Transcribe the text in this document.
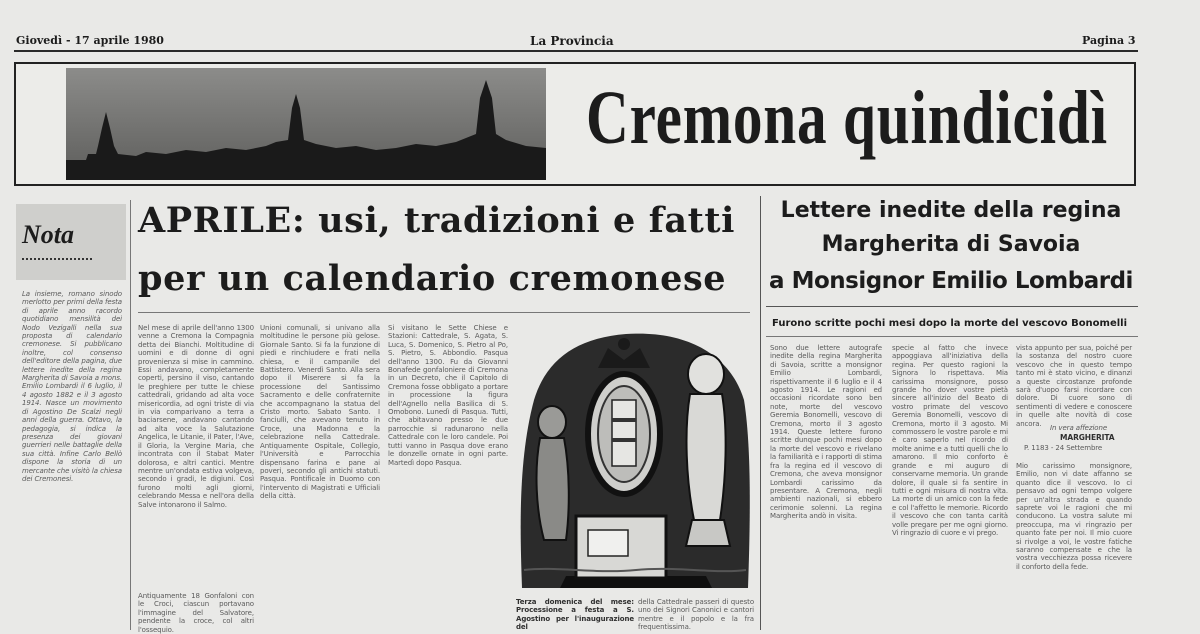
Giovedì - 17 aprile 1980	La Provincia	Pagina 3
Cremona quindicidì
Nota
La insieme, romano sinodo merlotto per primi della festa di aprile anno racordo quotidiano mensilità dei Nodo Vezigalli nella sua proposta di calendario cremonese. Si pubblicano inoltre, col consenso dell'editore della pagina, due lettere inedite della regina Margherita di Savoia a mons. Emilio Lombardi il 6 luglio, il 4 agosto 1882 e il 3 agosto 1914. Nasce un movimento di Agostino De Scalzi negli anni della guerra. Ottavo, la pedagogia, si indica la presenza dei giovani guerrieri nelle battaglie della sua città. Infine Carlo Bellò dispone la storia di un mercante che visitò la chiesa dei Cremonesi.
APRILE: usi, tradizioni e fatti
per un calendario cremonese
Nel mese di aprile dell'anno 1300 venne a Cremona la Compagnia detta dei Bianchi. Moltitudine di uomini e di donne di ogni provenienza si mise in cammino. Essi andavano, completamente coperti, persino il viso, cantando le preghiere per tutte le chiese cattedrali, gridando ad alta voce misericordia, ad ogni triste di via in via comparivano a terra a baciarsene, andavano cantando ad alta voce la Salutazione Angelica, le Litanie, il Pater, l'Ave, il Gloria, la Vergine Maria, che incontrata con il Stabat Mater dolorosa, e altri cantici. Mentre mentre un'ondata estiva volgeva, secondo i gradi, le digiuni. Così furono molti agli giorni, celebrando Messa e nell'ora della Salve intonarono il Salmo.
Antiquamente 18 Gonfaloni con le Croci, ciascun portavano l'immagine del Salvatore, pendente la croce, col altri l'ossequio.
Unioni comunali, si univano alla moltitudine le persone più gelose. Giornale Santo. Si fa la funzione di piedi e rinchiudere e frati nella chiesa, e il campanile del Battistero. Venerdì Santo. Alla sera dopo il Miserere si fa la processione del Santissimo Sacramento e delle confraternite che accompagnano la statua del Cristo morto. Sabato Santo. I fanciulli, che avevano tenuto in Croce, una Madonna e la celebrazione nella Cattedrale. Antiquamente Ospitale, Collegio, l'Università e Parrocchia dispensano farina e pane ai poveri, secondo gli antichi statuti. Pasqua. Pontificale in Duomo con l'intervento di Magistrati e Ufficiali della città.
Si visitano le Sette Chiese e Stazioni: Cattedrale, S. Agata, S. Luca, S. Domenico, S. Pietro al Po, S. Pietro, S. Abbondio. Pasqua dell'anno 1300. Fu da Giovanni Bonafede gonfaloniere di Cremona in un Decreto, che il Capitolo di Cremona fosse obbligato a portare in processione la figura dell'Agnello nella Basilica di S. Omobono. Lunedì di Pasqua. Tutti, che abitavano presso le due parrocchie si radunarono nella Cattedrale con le loro candele. Poi tutti vanno in Pasqua dove erano le donzelle ornate in ogni parte. Martedì dopo Pasqua.
Terza domenica del mese: Processione a festa a S. Agostino per l'inaugurazione del
della Cattedrale passeri di questo uno dei Signori Canonici e cantori mentre e il popolo e la fra frequentissima.
Lettere inedite della regina
Margherita di Savoia
a Monsignor Emilio Lombardi
Furono scritte pochi mesi dopo la morte del vescovo Bonomelli
Sono due lettere autografe inedite della regina Margherita di Savoia, scritte a monsignor Emilio Lombardi, rispettivamente il 6 luglio e il 4 agosto 1914. Le ragioni ed occasioni ricordate sono ben note, morte del vescovo Geremia Bonomelli, vescovo di Cremona, morto il 3 agosto 1914. Queste lettere furono scritte dunque pochi mesi dopo la morte del vescovo e rivelano la familiarità e i rapporti di stima fra la regina ed il vescovo di Cremona, che aveva monsignor Lombardi carissimo da presentare. A Cremona, negli ambienti nazionali, si ebbero cerimonie solenni. La regina Margherita andò in visita.
specie al fatto che invece appoggiava all'iniziativa della regina. Per questo ragioni la Signora lo rispettava. Mia carissima monsignore, posso grande ho dover vostre pietà sincere all'inizio del Beato di vostro primate del vescovo Geremia Bonomelli, vescovo di Cremona, morto il 3 agosto. Mi commossero le vostre parole e mi è caro saperlo nel ricordo di molte anime e a tutti quelli che lo amarono. Il mio conforto è grande e mi auguro di conservarne memoria. Un grande dolore, il quale si fa sentire in tutti e ogni misura di nostra vita. La morte di un amico con la fede e col l'affetto le memorie. Ricordo il vescovo che con tanta carità volle pregare per me ogni giorno. Vi ringrazio di cuore e vi prego.
vista appunto per sua, poiché per la sostanza del nostro cuore vescovo che in questo tempo tanto mi è stato vicino, e dinanzi a queste circostanze profonde sarà d'uopo farsi ricordare con dolore. Di cuore sono di sentimenti di vedere e conoscere in quelle alte novità di cose ancora.
In vera affezione
MARGHERITA
P. 1183 - 24 Settembre
Mio carissimo monsignore, Emilio, non vi date affanno se quanto dice il vescovo. Io ci pensavo ad ogni tempo volgere per un'altra strada e quando saprete voi le ragioni che mi conducono. La vostra salute mi preoccupa, ma vi ringrazio per quanto fate per noi. Il mio cuore si rivolge a voi, le vostre fatiche saranno compensate e che la vostra vecchiezza possa ricevere il conforto della fede.
